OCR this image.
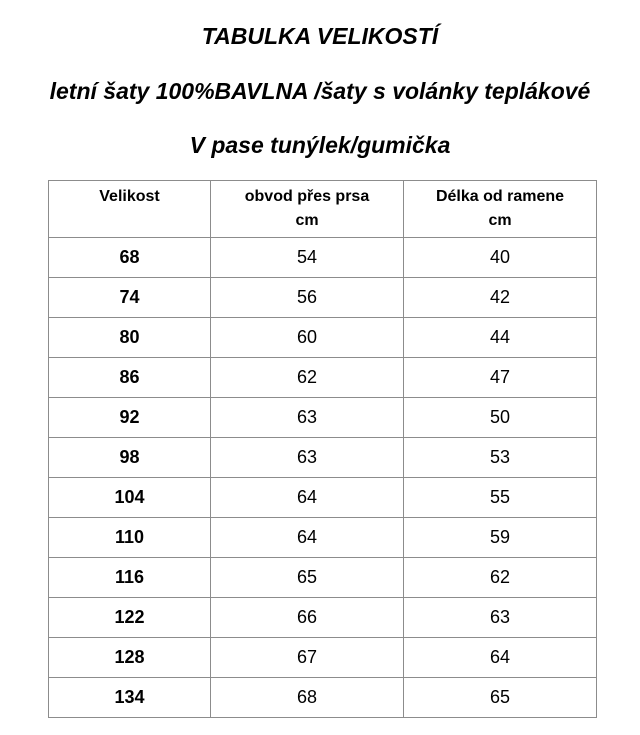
TABULKA VELIKOSTÍ
letní šaty 100%BAVLNA /šaty s volánky teplákové
V pase tunýlek/gumička
Velikost	obvod přes prsa cm	Délka od ramene cm

68	54	40
74	56	42
80	60	44
86	62	47
92	63	50
98	63	53
104	64	55
110	64	59
116	65	62
122	66	63
128	67	64
134	68	65
